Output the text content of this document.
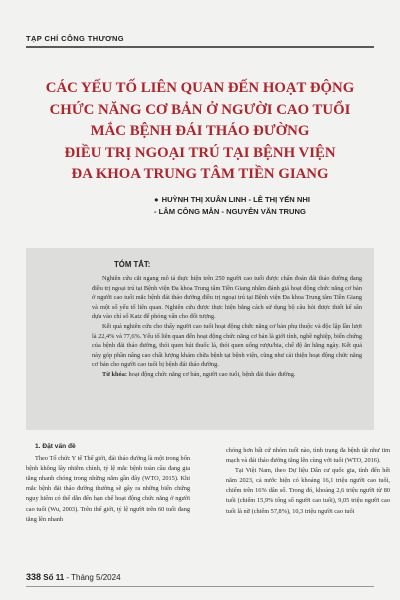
TẠP CHÍ CÔNG THƯƠNG
CÁC YẾU TỐ LIÊN QUAN ĐẾN HOẠT ĐỘNG
CHỨC NĂNG CƠ BẢN Ở NGƯỜI CAO TUỔI
MẮC BỆNH ĐÁI THÁO ĐƯỜNG
ĐIỀU TRỊ NGOẠI TRÚ TẠI BỆNH VIỆN
ĐA KHOA TRUNG TÂM TIỀN GIANG
● HUỲNH THỊ XUÂN LINH - LÊ THỊ YẾN NHI
- LÂM CÔNG MẪN - NGUYỄN VĂN TRUNG
TÓM TẮT:

Nghiên cứu cắt ngang mô tả thực hiện trên 250 người cao tuổi được chẩn đoán đái tháo đường đang điều trị ngoại trú tại Bệnh viện Đa khoa Trung tâm Tiền Giang nhằm đánh giá hoạt động chức năng cơ bản ở người cao tuổi mắc bệnh đái tháo đường điều trị ngoại trú tại Bệnh viện Đa khoa Trung tâm Tiền Giang và một số yếu tố liên quan. Nghiên cứu được thực hiện bằng cách sử dụng bộ câu hỏi được thiết kế sẵn dựa vào chỉ số Katz để phỏng vấn cho đối tượng.

Kết quả nghiên cứu cho thấy người cao tuổi hoạt động chức năng cơ bản phụ thuộc và độc lập lần lượt là 22,4% và 77,6%. Yếu tố liên quan đến hoạt động chức năng cơ bản là giới tính, nghề nghiệp, biến chứng của bệnh đái tháo đường, thói quen hút thuốc lá, thói quen uống rượu/bia, chế độ ăn hằng ngày. Kết quả này góp phần nâng cao chất lượng khám chữa bệnh tại bệnh viện, cũng như cải thiện hoạt động chức năng cơ bản cho người cao tuổi bị bệnh đái tháo đường.

Từ khóa: hoạt động chức năng cơ bản, người cao tuổi, bệnh đái tháo đường.

1. Đặt vấn đề

Theo Tổ chức Y tế Thế giới, đái tháo đường là một trong bốn bệnh không lây nhiễm chính, tỷ lệ mắc bệnh toàn cầu đang gia tăng nhanh chóng trong những năm gần đây (WTO, 2015). Khi mắc bệnh đái tháo đường thường sẽ gây ra những biến chứng nguy hiểm có thể dẫn đến hạn chế hoạt động chức năng ở người cao tuổi (Wu, 2003). Trên thế giới, tỷ lệ người trên 60 tuổi đang tăng lên nhanh

chóng hơn bất cứ nhóm tuổi nào, tình trạng đa bệnh tật như tim mạch và đái tháo đường tăng lên cùng với tuổi (WTO, 2016).

Tại Việt Nam, theo Dự liệu Dân cư quốc gia, tính đến hết năm 2023, cả nước hiện có khoảng 16,1 triệu người cao tuổi, chiếm trên 16% dân số. Trong đó, khoảng 2,6 triệu người từ 80 tuổi (chiếm 15,9% tổng số người cao tuổi), 9,05 triệu người cao tuổi là nữ (chiếm 57,8%), 10,3 triệu người cao tuổi

338 Số 11 - Tháng 5/2024
